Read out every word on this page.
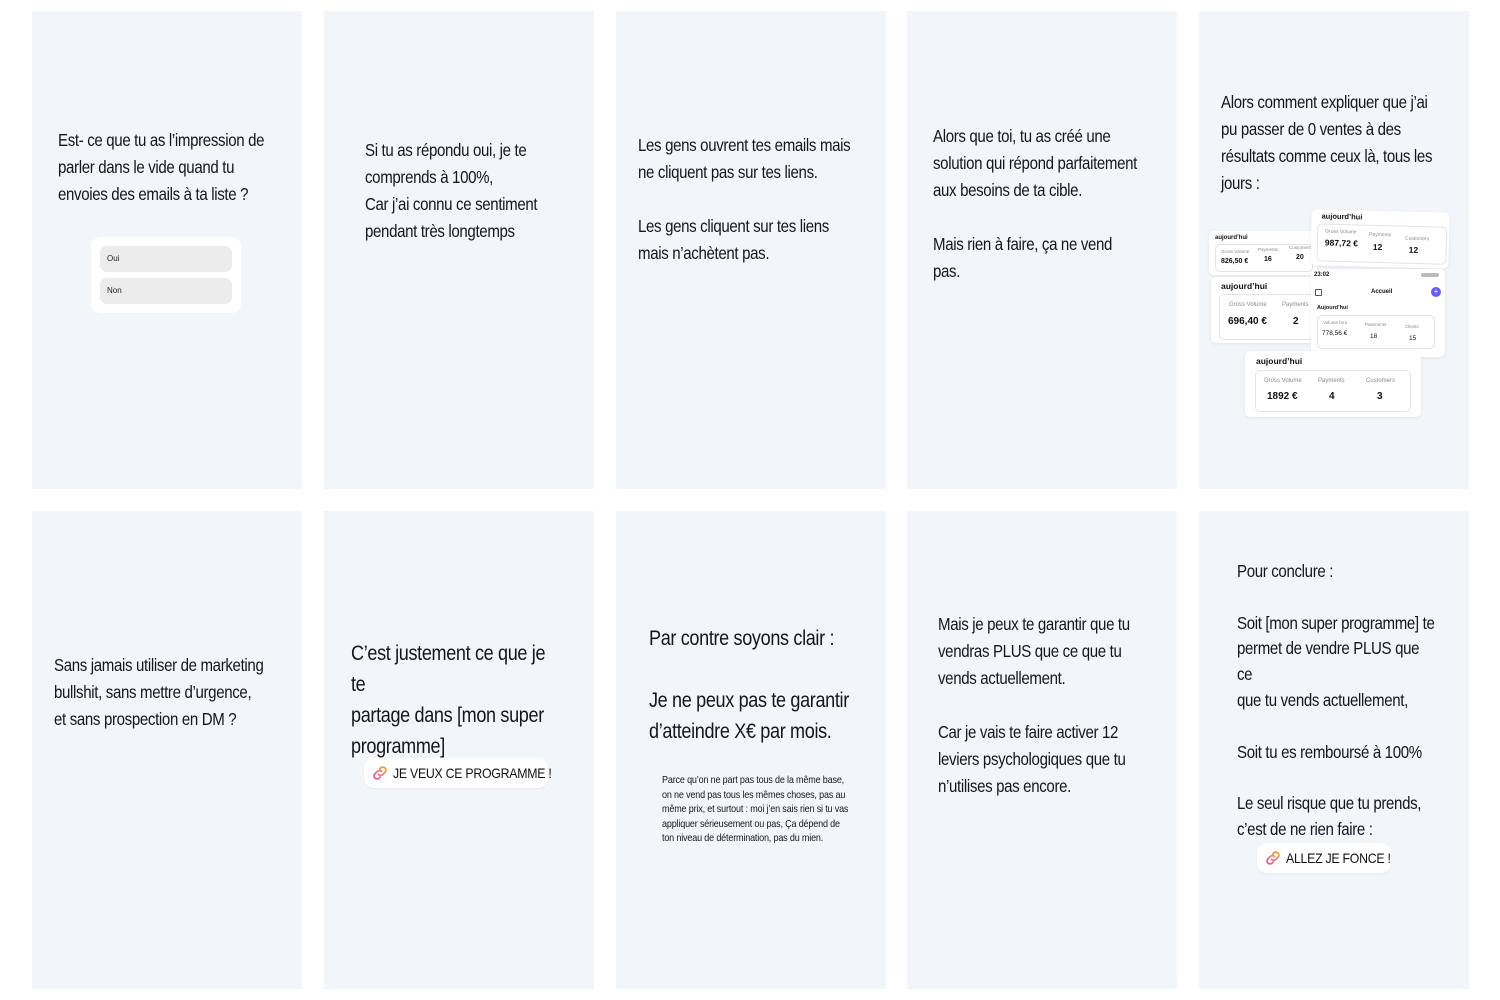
Est- ce que tu as l’impression de
parler dans le vide quand tu
envoies des emails à ta liste ?
Oui
Non
Si tu as répondu oui, je te
comprends à 100%,
Car j’ai connu ce sentiment
pendant très longtemps
Les gens ouvrent tes emails mais
ne cliquent pas sur tes liens.

Les gens cliquent sur tes liens
mais n’achètent pas.
Alors que toi, tu as créé une
solution qui répond parfaitement
aux besoins de ta cible.

Mais rien à faire, ça ne vend pas.
Alors comment expliquer que j’ai
pu passer de 0 ventes à des
résultats comme ceux là, tous les
jours :
aujourd’hui
Gross Volume Payments Customers
826,50 € 16	20
aujourd’hui
Gross Volume Payments
Customers
987,72 € 12	12
aujourd’hui
Gross Volume	Payments
696,40 €	2
23:02
Accueil	+
Aujourd’hui
Volume brut	Paiements	Clients
778,56 €	18	15
aujourd’hui
Gross Volume	Payments	Customers
1892 €	4	3
Sans jamais utiliser de marketing
bullshit, sans mettre d’urgence,
et sans prospection en DM ?
C’est justement ce que je te
partage dans [mon super
programme]
JE VEUX CE PROGRAMME !
Par contre soyons clair :

Je ne peux pas te garantir
d’atteindre X€ par mois.
Parce qu’on ne part pas tous de la même base,
on ne vend pas tous les mêmes choses, pas au
même prix, et surtout : moi j’en sais rien si tu vas
appliquer sérieusement ou pas, Ça dépend de
ton niveau de détermination, pas du mien.
Mais je peux te garantir que tu
vendras PLUS que ce que tu
vends actuellement.

Car je vais te faire activer 12
leviers psychologiques que tu
n’utilises pas encore.
Pour conclure :

Soit [mon super programme] te
permet de vendre PLUS que ce
que tu vends actuellement,

Soit tu es remboursé à 100%

Le seul risque que tu prends,
c’est de ne rien faire :
ALLEZ JE FONCE !
